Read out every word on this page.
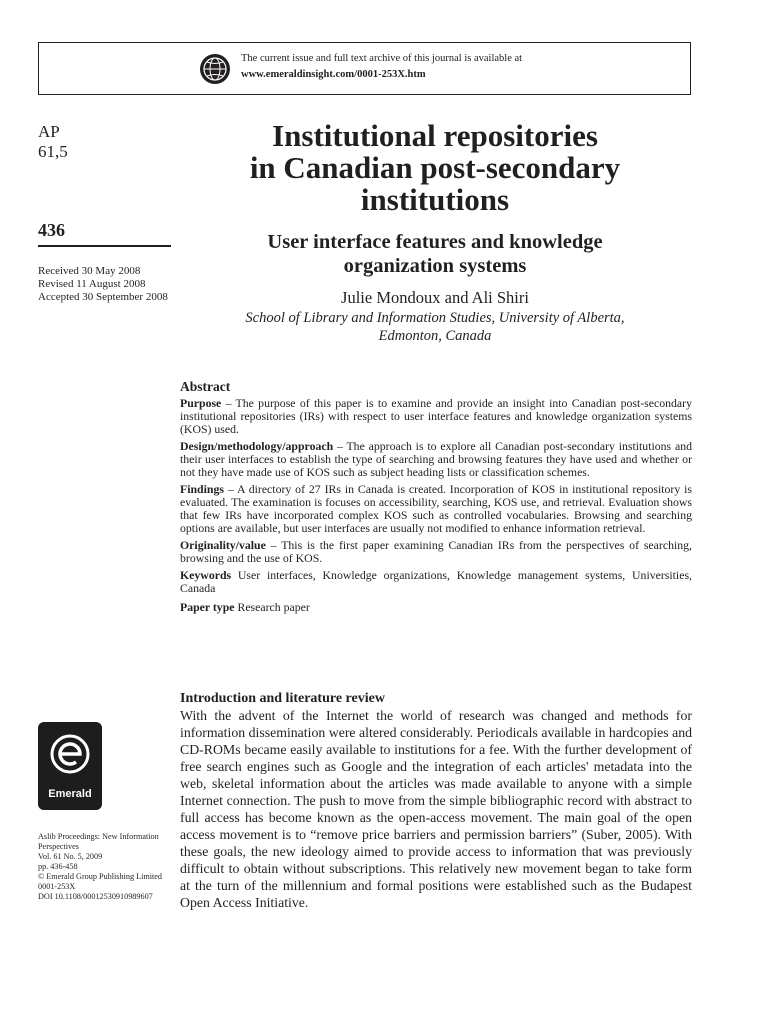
The current issue and full text archive of this journal is available at
www.emeraldinsight.com/0001-253X.htm
AP
61,5
436
Received 30 May 2008
Revised 11 August 2008
Accepted 30 September 2008
Institutional repositories
in Canadian post-secondary
institutions
User interface features and knowledge
organization systems
Julie Mondoux and Ali Shiri
School of Library and Information Studies, University of Alberta,
Edmonton, Canada
Abstract

Purpose – The purpose of this paper is to examine and provide an insight into Canadian post-secondary institutional repositories (IRs) with respect to user interface features and knowledge organization systems (KOS) used.

Design/methodology/approach – The approach is to explore all Canadian post-secondary institutions and their user interfaces to establish the type of searching and browsing features they have used and whether or not they have made use of KOS such as subject heading lists or classification schemes.

Findings – A directory of 27 IRs in Canada is created. Incorporation of KOS in institutional repository is evaluated. The examination is focuses on accessibility, searching, KOS use, and retrieval. Evaluation shows that few IRs have incorporated complex KOS such as controlled vocabularies. Browsing and searching options are available, but user interfaces are usually not modified to enhance information retrieval.

Originality/value – This is the first paper examining Canadian IRs from the perspectives of searching, browsing and the use of KOS.

Keywords User interfaces, Knowledge organizations, Knowledge management systems, Universities, Canada

Paper type Research paper

Introduction and literature review

With the advent of the Internet the world of research was changed and methods for information dissemination were altered considerably. Periodicals available in hardcopies and CD-ROMs became easily available to institutions for a fee. With the further development of free search engines such as Google and the integration of each articles' metadata into the web, skeletal information about the articles was made available to anyone with a simple Internet connection. The push to move from the simple bibliographic record with abstract to full access has become known as the open-access movement. The main goal of the open access movement is to “remove price barriers and permission barriers” (Suber, 2005). With these goals, the new ideology aimed to provide access to information that was previously difficult to obtain without subscriptions. This relatively new movement began to take form at the turn of the millennium and formal positions were established such as the Budapest Open Access Initiative.

Emerald
Aslib Proceedings: New Information
Perspectives
Vol. 61 No. 5, 2009
pp. 436-458
© Emerald Group Publishing Limited
0001-253X
DOI 10.1108/00012530910989607
